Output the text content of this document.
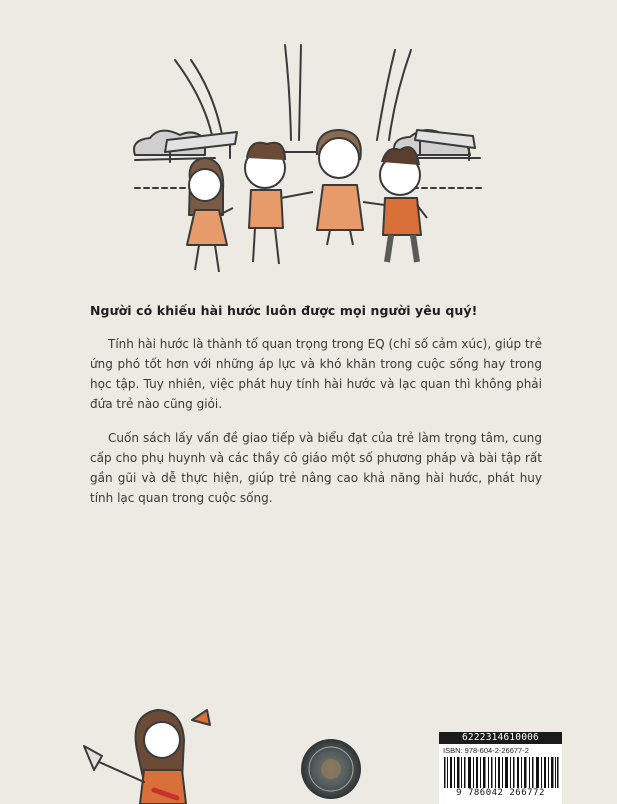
Người có khiếu hài hước luôn được mọi người yêu quý!

Tính hài hước là thành tố quan trọng trong EQ (chỉ số cảm xúc), giúp trẻ ứng phó tốt hơn với những áp lực và khó khăn trong cuộc sống hay trong học tập. Tuy nhiên, việc phát huy tính hài hước và lạc quan thì không phải đứa trẻ nào cũng giỏi.

Cuốn sách lấy vấn đề giao tiếp và biểu đạt của trẻ làm trọng tâm, cung cấp cho phụ huynh và các thầy cô giáo một số phương pháp và bài tập rất gần gũi và dễ thực hiện, giúp trẻ nâng cao khả năng hài hước, phát huy tính lạc quan trong cuộc sống.

6222314610006
ISBN: 978-604-2-26677-2
9 786042 266772
